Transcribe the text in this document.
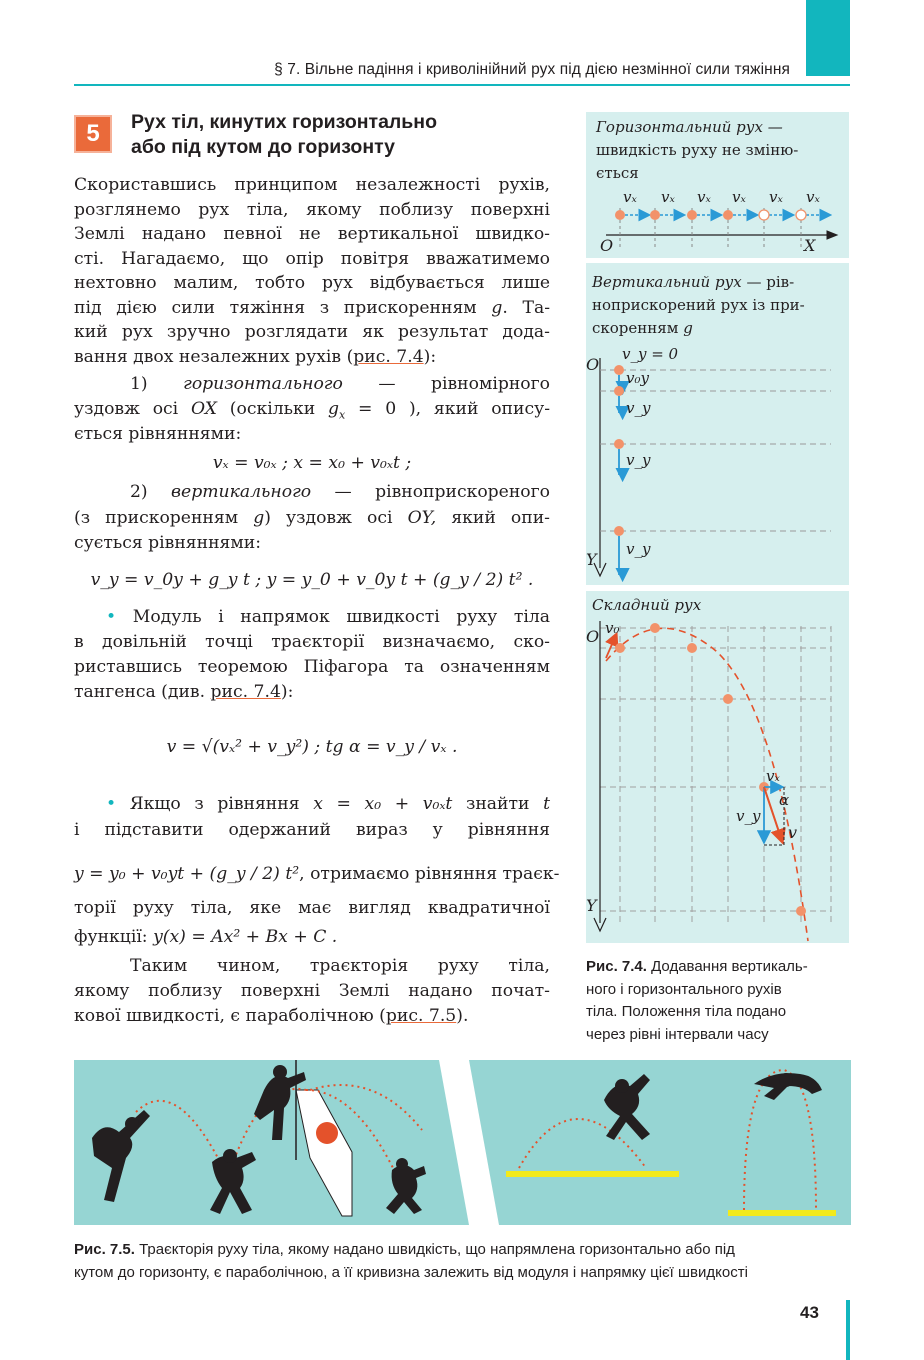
§ 7. Вільне падіння і криволінійний рух під дією незмінної сили тяжіння
5	Рух тіл, кинутих горизонтально
або під кутом до горизонту
Скориставшись принципом незалежності рухів,
розглянемо рух тіла, якому поблизу поверхні
Землі надано певної не вертикальної швидко-
сті. Нагадаємо, що опір повітря вважатимемо
нехтовно малим, тобто рух відбувається лише
під дією сили тяжіння з прискоренням g. Та-
кий рух зручно розглядати як результат дода-
вання двох незалежних рухів (рис. 7.4):
1) горизонтального — рівномірного
уздовж осі OX (оскільки $g_x = 0$ ), який опису-
ється рівняннями:
vₓ = v₀ₓ ; x = x₀ + v₀ₓt ;
2) вертикального — рівноприскореного
(з прискоренням g) уздовж осі OY, який опи-
сується рівняннями:
v_y = v_0y + g_y t ; y = y_0 + v_0y t + (g_y / 2) t² .
• Модуль і напрямок швидкості руху тіла
в довільній точці траєкторії визначаємо, ско-
риставшись теоремою Піфагора та означенням
тангенса (див. рис. 7.4):
v = √(vₓ² + v_y²) ; tg α = v_y / vₓ .
• Якщо з рівняння x = x₀ + v₀ₓt знайти t
і підставити одержаний вираз у рівняння
y = y₀ + v₀yt + (g_y / 2) t², отримаємо рівняння траєк-
торії руху тіла, яке має вигляд квадратичної
функції: y(x) = Ax² + Bx + C .
Таким чином, траєкторія руху тіла,
якому поблизу поверхні Землі надано почат-
кової швидкості, є параболічною (рис. 7.5).
Горизонтальний рух —
швидкість руху не зміню-
ється
vₓ vₓ vₓ vₓ vₓ vₓ
O	X
Вертикальний рух — рів-
ноприскорений рух із при-
скоренням g
O
Y
v_y = 0
v₀y
v_y
v_y
v_y
Складний рух
O
Y
v₀
vₓ
v_y
α
v
Рис. 7.4. Додавання вертикаль-
ного і горизонтального рухів
тіла. Положення тіла подано
через рівні інтервали часу
Рис. 7.5. Траєкторія руху тіла, якому надано швидкість, що напрямлена горизонтально або під
кутом до горизонту, є параболічною, а її кривизна залежить від модуля і напрямку цієї швидкості
43
